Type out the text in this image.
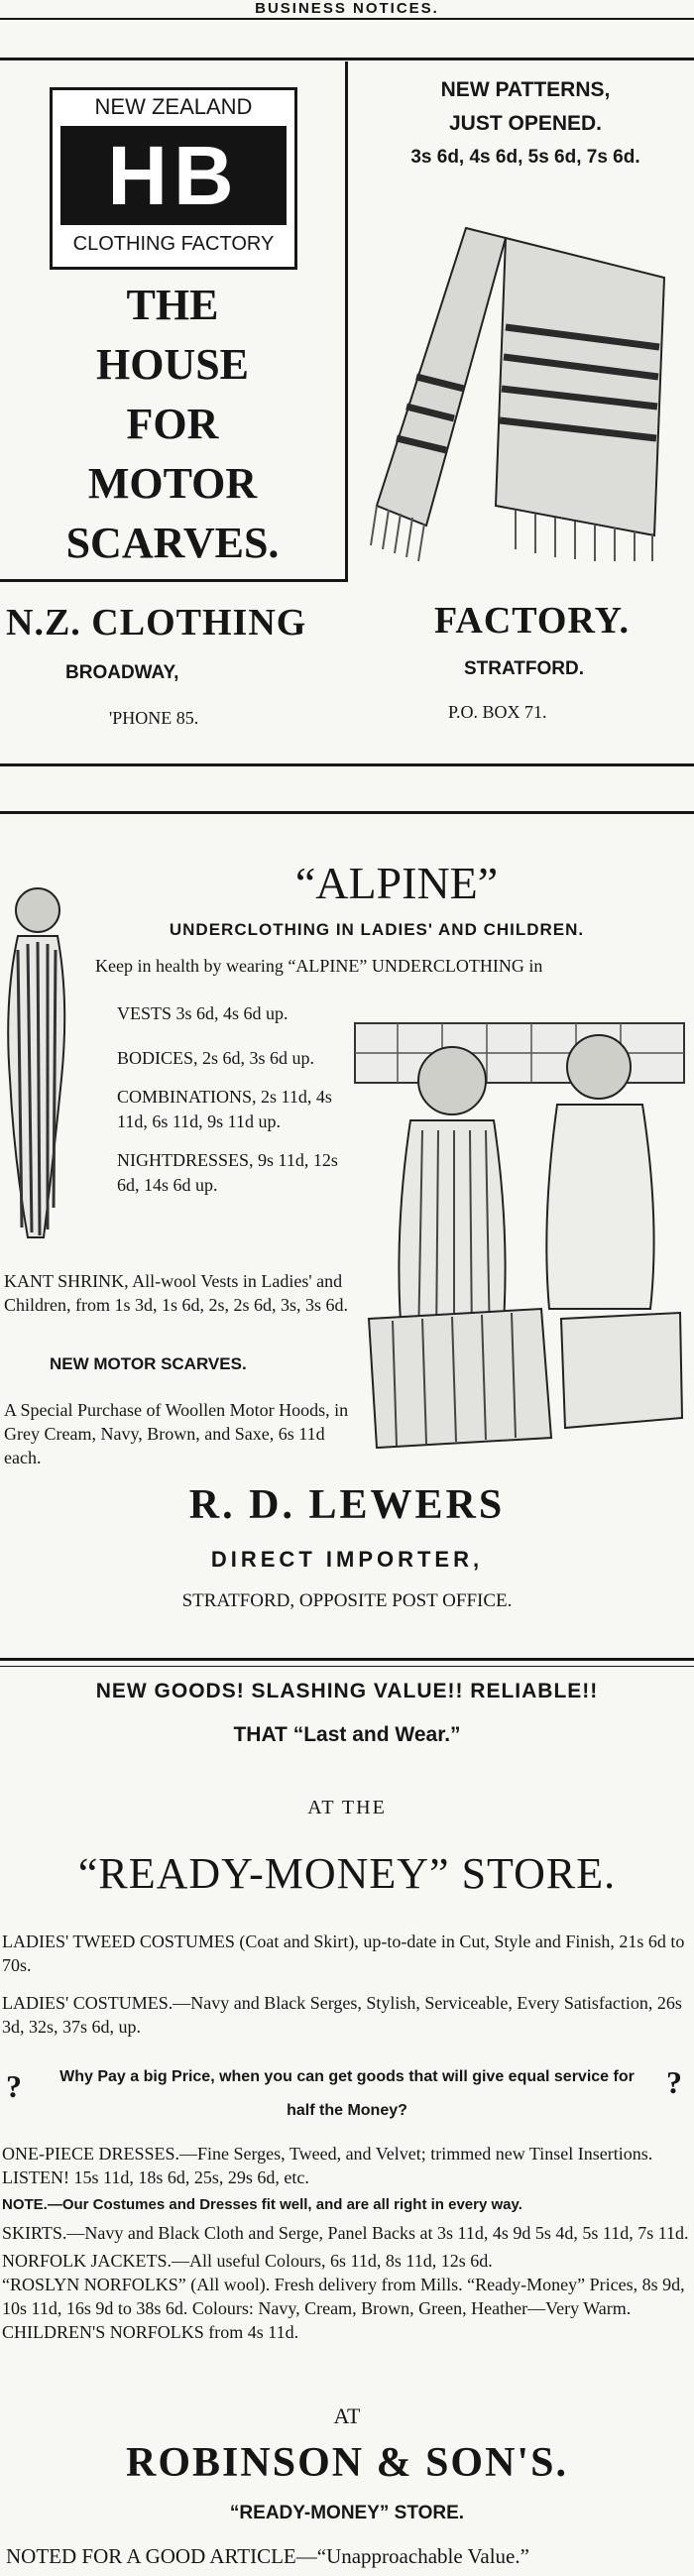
BUSINESS NOTICES.
NEW ZEALAND
HB
CLOTHING FACTORY
THE
HOUSE
FOR
MOTOR
SCARVES.
NEW PATTERNS,
JUST OPENED.
3s 6d, 4s 6d, 5s 6d, 7s 6d.
N.Z. CLOTHING	FACTORY.
BROADWAY,	STRATFORD.
'PHONE 85.	P.O. BOX 71.
“ALPINE”
UNDERCLOTHING IN LADIES' AND CHILDREN.
Keep in health by wearing “ALPINE” UNDERCLOTHING in

VESTS 3s 6d, 4s 6d up.

BODICES, 2s 6d, 3s 6d up.

COMBINATIONS, 2s 11d, 4s 11d, 6s 11d, 9s 11d up.

NIGHTDRESSES, 9s 11d, 12s 6d, 14s 6d up.

KANT SHRINK, All-wool Vests in Ladies' and Children, from 1s 3d, 1s 6d, 2s, 2s 6d, 3s, 3s 6d.
NEW MOTOR SCARVES.
A Special Purchase of Woollen Motor Hoods, in Grey Cream, Navy, Brown, and Saxe, 6s 11d each.
R. D. LEWERS
DIRECT IMPORTER,
STRATFORD, OPPOSITE POST OFFICE.
NEW GOODS! SLASHING VALUE!! RELIABLE!!
THAT “Last and Wear.”
AT THE
“READY-MONEY” STORE.

LADIES' TWEED COSTUMES (Coat and Skirt), up-to-date in Cut, Style and Finish, 21s 6d to 70s.

LADIES' COSTUMES.—Navy and Black Serges, Stylish, Serviceable, Every Satisfaction, 26s 3d, 32s, 37s 6d, up.

?	?
Why Pay a big Price, when you can get goods that will give equal service for half the Money?

ONE-PIECE DRESSES.—Fine Serges, Tweed, and Velvet; trimmed new Tinsel Insertions. LISTEN! 15s 11d, 18s 6d, 25s, 29s 6d, etc.

NOTE.—Our Costumes and Dresses fit well, and are all right in every way.

SKIRTS.—Navy and Black Cloth and Serge, Panel Backs at 3s 11d, 4s 9d 5s 4d, 5s 11d, 7s 11d.

NORFOLK JACKETS.—All useful Colours, 6s 11d, 8s 11d, 12s 6d.

“ROSLYN NORFOLKS” (All wool). Fresh delivery from Mills. “Ready-Money” Prices, 8s 9d, 10s 11d, 16s 9d to 38s 6d. Colours: Navy, Cream, Brown, Green, Heather—Very Warm.

CHILDREN'S NORFOLKS from 4s 11d.

AT
ROBINSON & SON'S.
“READY-MONEY” STORE.
NOTED FOR A GOOD ARTICLE—“Unapproachable Value.”
